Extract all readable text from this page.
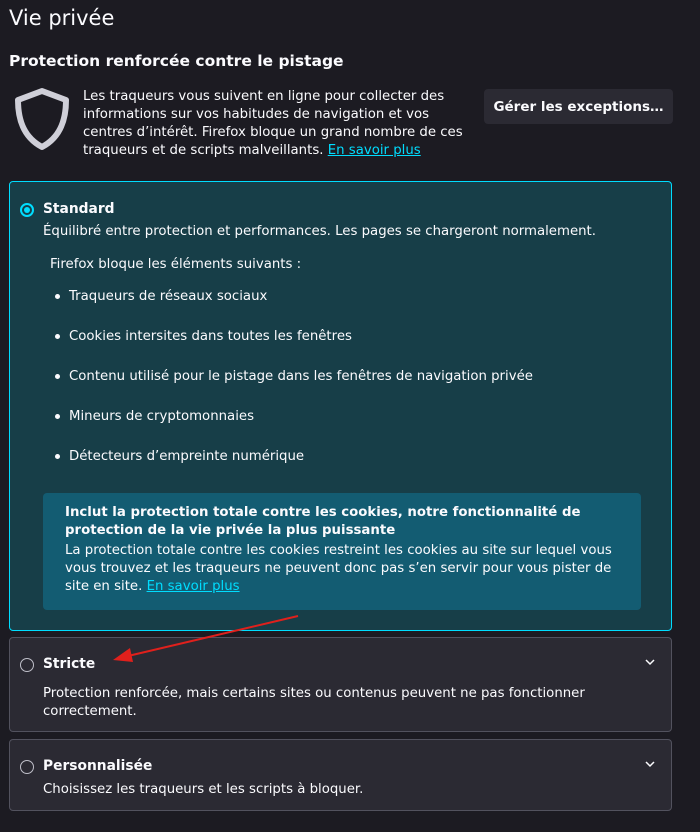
Vie privée
Protection renforcée contre le pistage
Les traqueurs vous suivent en ligne pour collecter des informations sur vos habitudes de navigation et vos centres d’intérêt. Firefox bloque un grand nombre de ces traqueurs et de scripts malveillants. En savoir plus
Gérer les exceptions…
Standard
Équilibré entre protection et performances. Les pages se chargeront normalement.
Firefox bloque les éléments suivants :
Traqueurs de réseaux sociaux
Cookies intersites dans toutes les fenêtres
Contenu utilisé pour le pistage dans les fenêtres de navigation privée
Mineurs de cryptomonnaies
Détecteurs d’empreinte numérique
Inclut la protection totale contre les cookies, notre fonctionnalité de protection de la vie privée la plus puissante
La protection totale contre les cookies restreint les cookies au site sur lequel vous vous trouvez et les traqueurs ne peuvent donc pas s’en servir pour vous pister de site en site. En savoir plus
Stricte
Protection renforcée, mais certains sites ou contenus peuvent ne pas fonctionner correctement.
Personnalisée
Choisissez les traqueurs et les scripts à bloquer.
